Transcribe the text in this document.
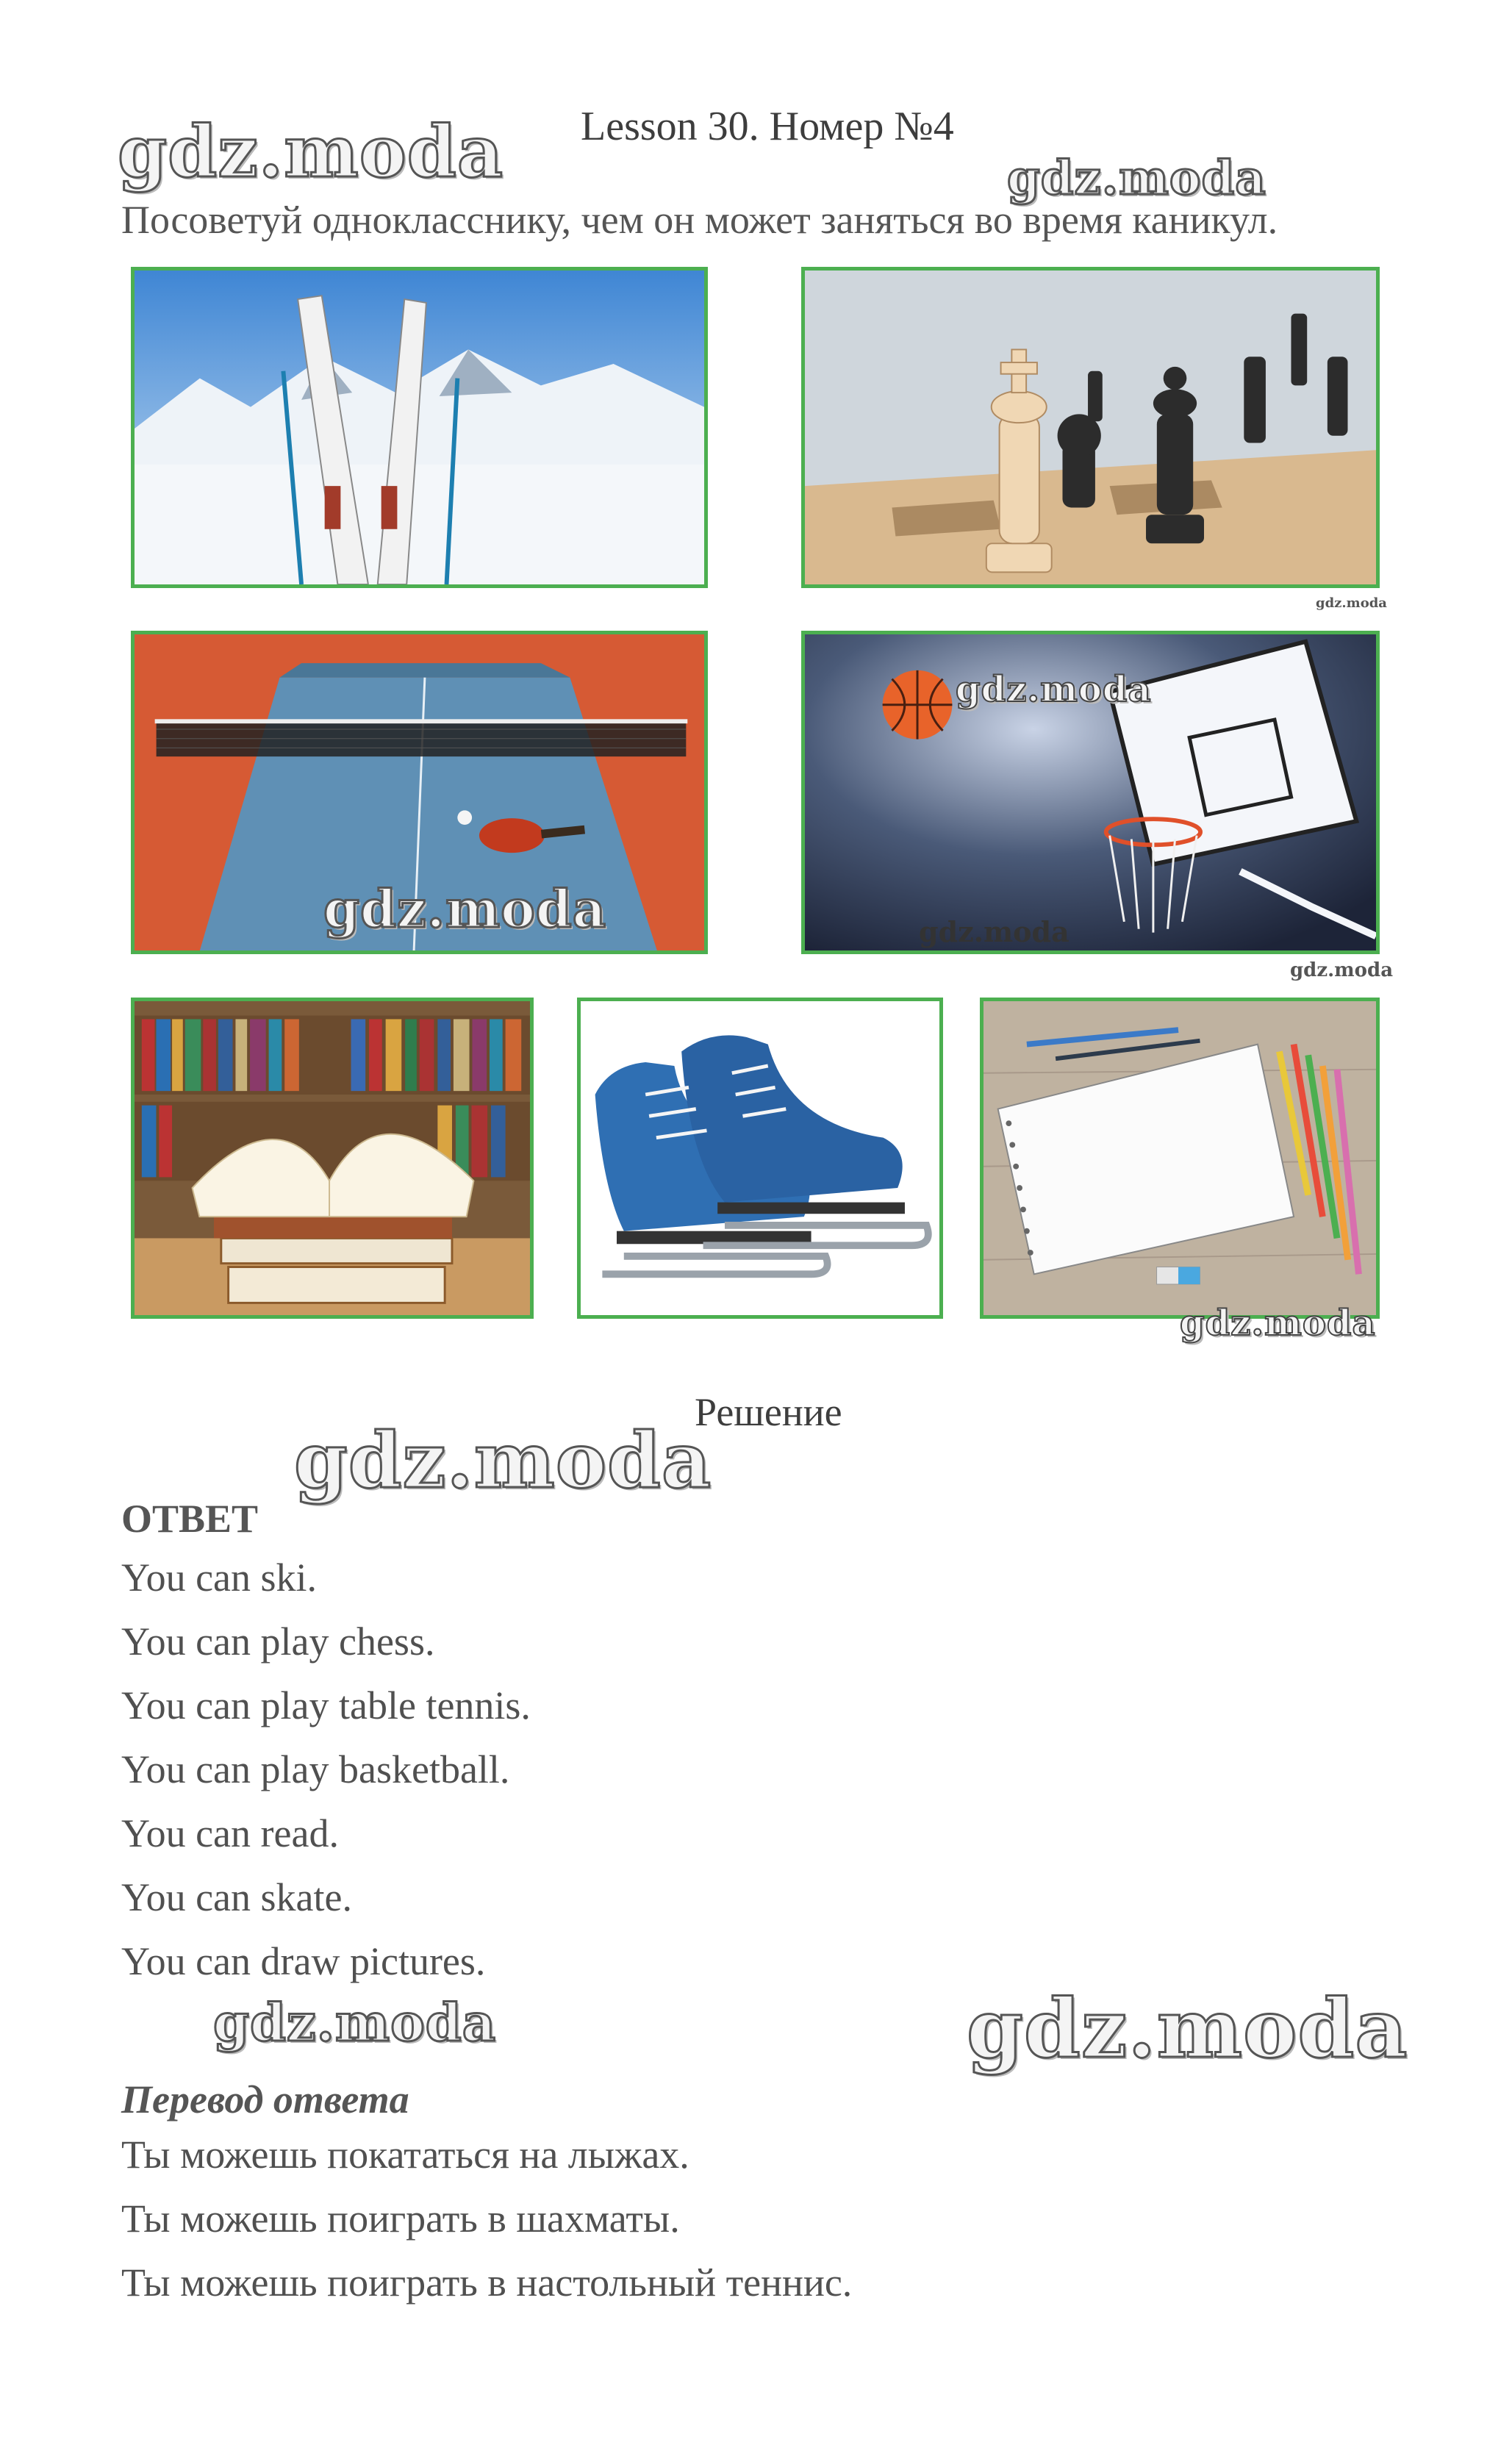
gdz.moda Lesson 30. Номер №4
gdz.moda
Посоветуй однокласснику, чем он может заняться во время каникул.
gdz.moda
gdz.moda
gdz.moda
gdz.moda
gdz.moda
gdz.moda
Решение
gdz.moda
ОТВЕТ
You can ski.
You can play chess.
You can play table tennis.
You can play basketball.
You can read.
You can skate.
You can draw pictures.
gdz.moda	gdz.moda
Перевод ответа
Ты можешь покататься на лыжах.
Ты можешь поиграть в шахматы.
Ты можешь поиграть в настольный теннис.
